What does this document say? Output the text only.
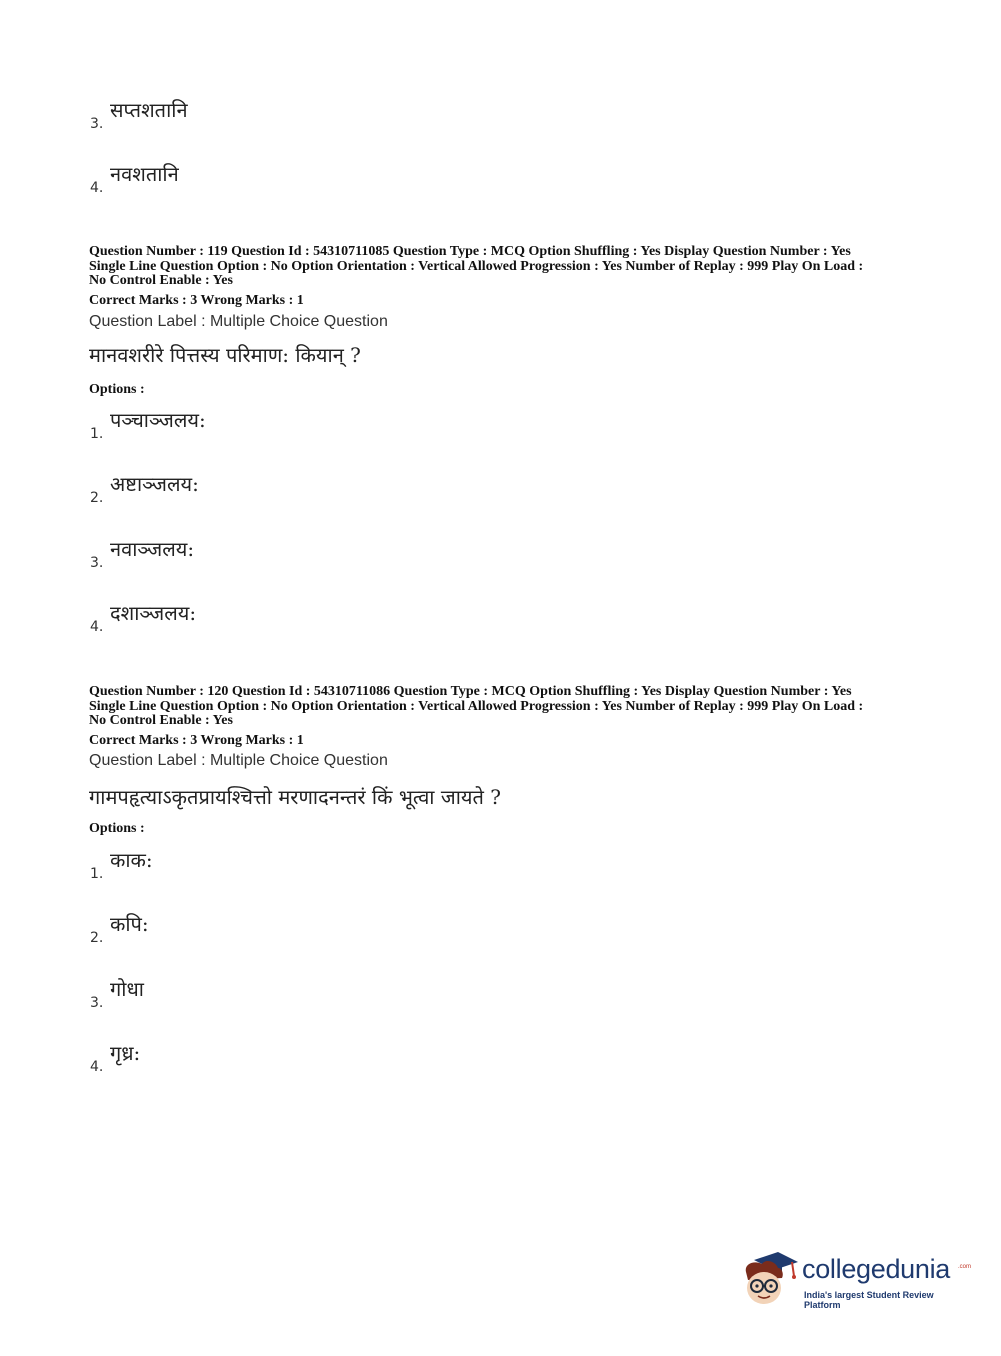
3.
सप्तशतानि
4.
नवशतानि
Question Number : 119 Question Id : 54310711085 Question Type : MCQ Option Shuffling : Yes Display Question Number : Yes
Single Line Question Option : No Option Orientation : Vertical Allowed Progression : Yes Number of Replay : 999 Play On Load :
No Control Enable : Yes
Correct Marks : 3 Wrong Marks : 1
Question Label : Multiple Choice Question
मानवशरीरे पित्तस्य परिमाण: कियान् ?
Options :
1.
पञ्चाञ्जलय:
2.
अष्टाञ्जलय:
3.
नवाञ्जलय:
4.
दशाञ्जलय:
Question Number : 120 Question Id : 54310711086 Question Type : MCQ Option Shuffling : Yes Display Question Number : Yes
Single Line Question Option : No Option Orientation : Vertical Allowed Progression : Yes Number of Replay : 999 Play On Load :
No Control Enable : Yes
Correct Marks : 3 Wrong Marks : 1
Question Label : Multiple Choice Question
गामपहृत्याऽकृतप्रायश्चित्तो मरणादनन्तरं किं भूत्वा जायते ?
Options :
1.
काक:
2.
कपि:
3.
गोधा
4.
गृध्र:
collegedunia .com
India's largest Student Review Platform
